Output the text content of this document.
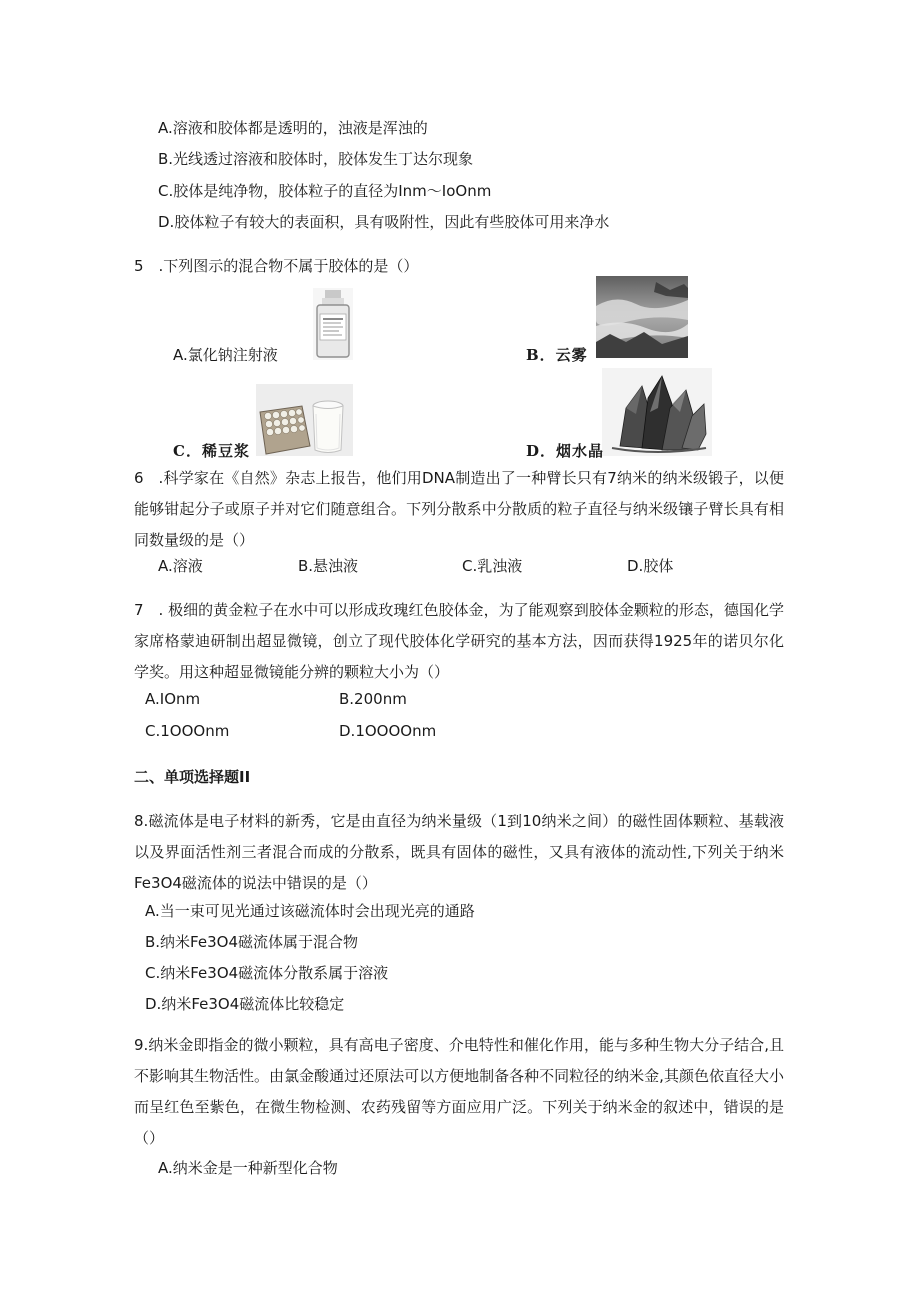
A.溶液和胶体都是透明的，浊液是浑浊的
B.光线透过溶液和胶体时，胶体发生丁达尔现象
C.胶体是纯净物，胶体粒子的直径为Inm～IoOnm
D.胶体粒子有较大的表面积，具有吸附性，因此有些胶体可用来净水
5 .下列图示的混合物不属于胶体的是（）
A.氯化钠注射液	B．云雾
C．稀豆浆	D．烟水晶
6 .科学家在《自然》杂志上报告，他们用DNA制造出了一种臂长只有7纳米的纳米级锻子，以便能够钳起分子或原子并对它们随意组合。下列分散系中分散质的粒子直径与纳米级镶子臂长具有相同数量级的是（）
A.溶液	B.悬浊液	C.乳浊液	D.胶体
7 . 极细的黄金粒子在水中可以形成玫瑰红色胶体金，为了能观察到胶体金颗粒的形态，德国化学家席格蒙迪研制出超显微镜，创立了现代胶体化学研究的基本方法，因而获得1925年的诺贝尔化学奖。用这种超显微镜能分辨的颗粒大小为（）
A.IOnm	B.200nm
C.1OOOnm	D.1OOOOnm
二、单项选择题II
8.磁流体是电子材料的新秀，它是由直径为纳米量级（1到10纳米之间）的磁性固体颗粒、基载液以及界面活性剂三者混合而成的分散系，既具有固体的磁性，又具有液体的流动性,下列关于纳米Fe3O4磁流体的说法中错误的是（）
A.当一束可见光通过该磁流体时会出现光亮的通路
B.纳米Fe3O4磁流体属于混合物
C.纳米Fe3O4磁流体分散系属于溶液
D.纳米Fe3O4磁流体比较稳定
9.纳米金即指金的微小颗粒，具有高电子密度、介电特性和催化作用，能与多种生物大分子结合,且不影响其生物活性。由氯金酸通过还原法可以方便地制备各种不同粒径的纳米金,其颜色依直径大小而呈红色至紫色，在微生物检测、农药残留等方面应用广泛。下列关于纳米金的叙述中，错误的是（）
A.纳米金是一种新型化合物
